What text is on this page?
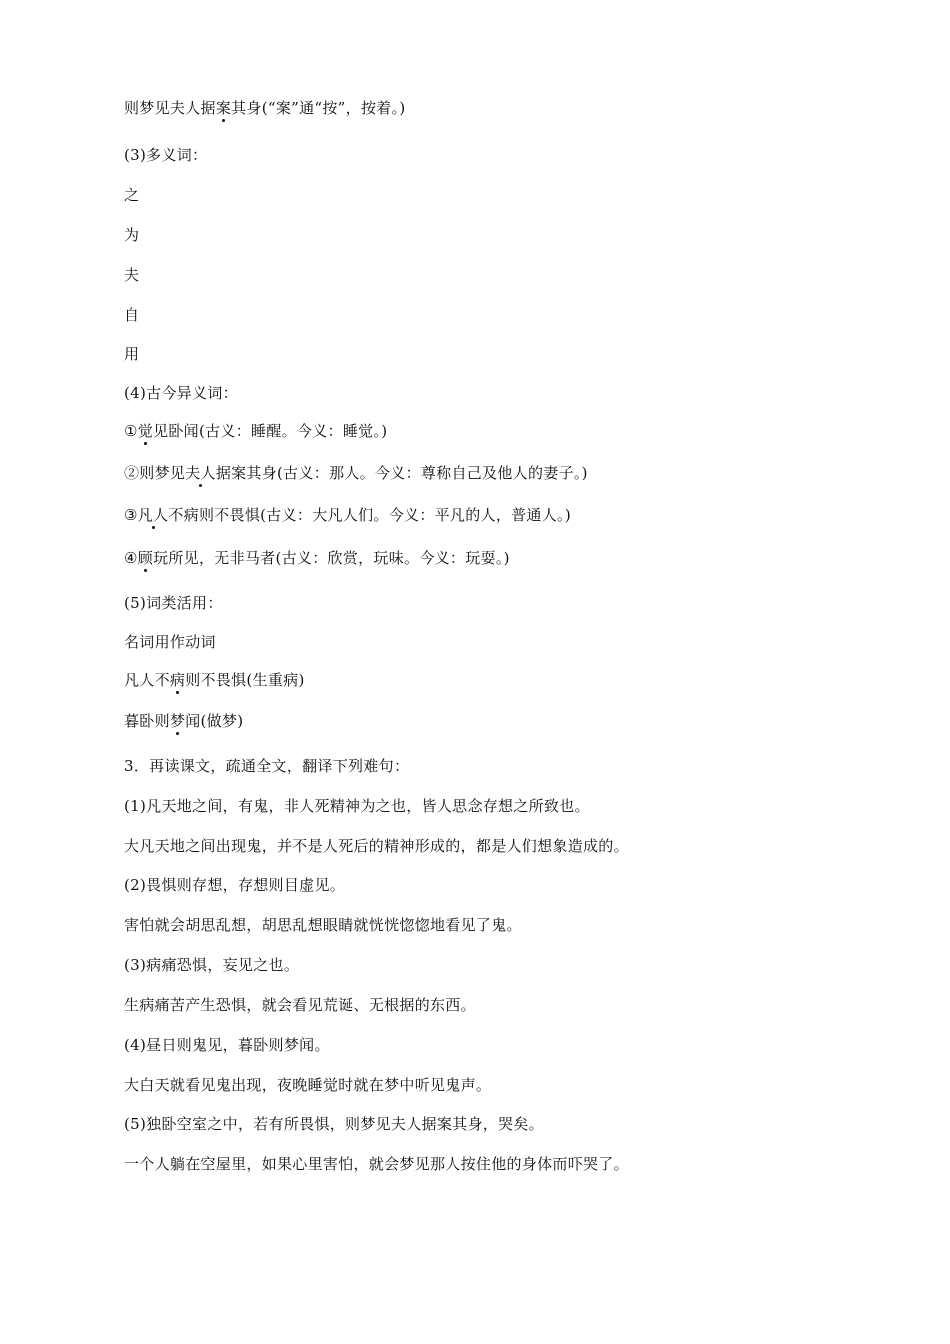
则梦见夫人据案其身(“案”通“按”，按着。)
(3)多义词：
之
为
夫
自
用
(4)古今异义词：
①觉见卧闻(古义：睡醒。今义：睡觉。)
②则梦见夫人据案其身(古义：那人。今义：尊称自己及他人的妻子。)
③凡人不病则不畏惧(古义：大凡人们。今义：平凡的人，普通人。)
④顾玩所见，无非马者(古义：欣赏，玩味。今义：玩耍。)
(5)词类活用：
名词用作动词
凡人不病则不畏惧(生重病)
暮卧则梦闻(做梦)
3．再读课文，疏通全文，翻译下列难句：
(1)凡天地之间，有鬼，非人死精神为之也，皆人思念存想之所致也。
大凡天地之间出现鬼，并不是人死后的精神形成的，都是人们想象造成的。
(2)畏惧则存想，存想则目虚见。
害怕就会胡思乱想，胡思乱想眼睛就恍恍惚惚地看见了鬼。
(3)病痛恐惧，妄见之也。
生病痛苦产生恐惧，就会看见荒诞、无根据的东西。
(4)昼日则鬼见，暮卧则梦闻。
大白天就看见鬼出现，夜晚睡觉时就在梦中听见鬼声。
(5)独卧空室之中，若有所畏惧，则梦见夫人据案其身，哭矣。
一个人躺在空屋里，如果心里害怕，就会梦见那人按住他的身体而吓哭了。
